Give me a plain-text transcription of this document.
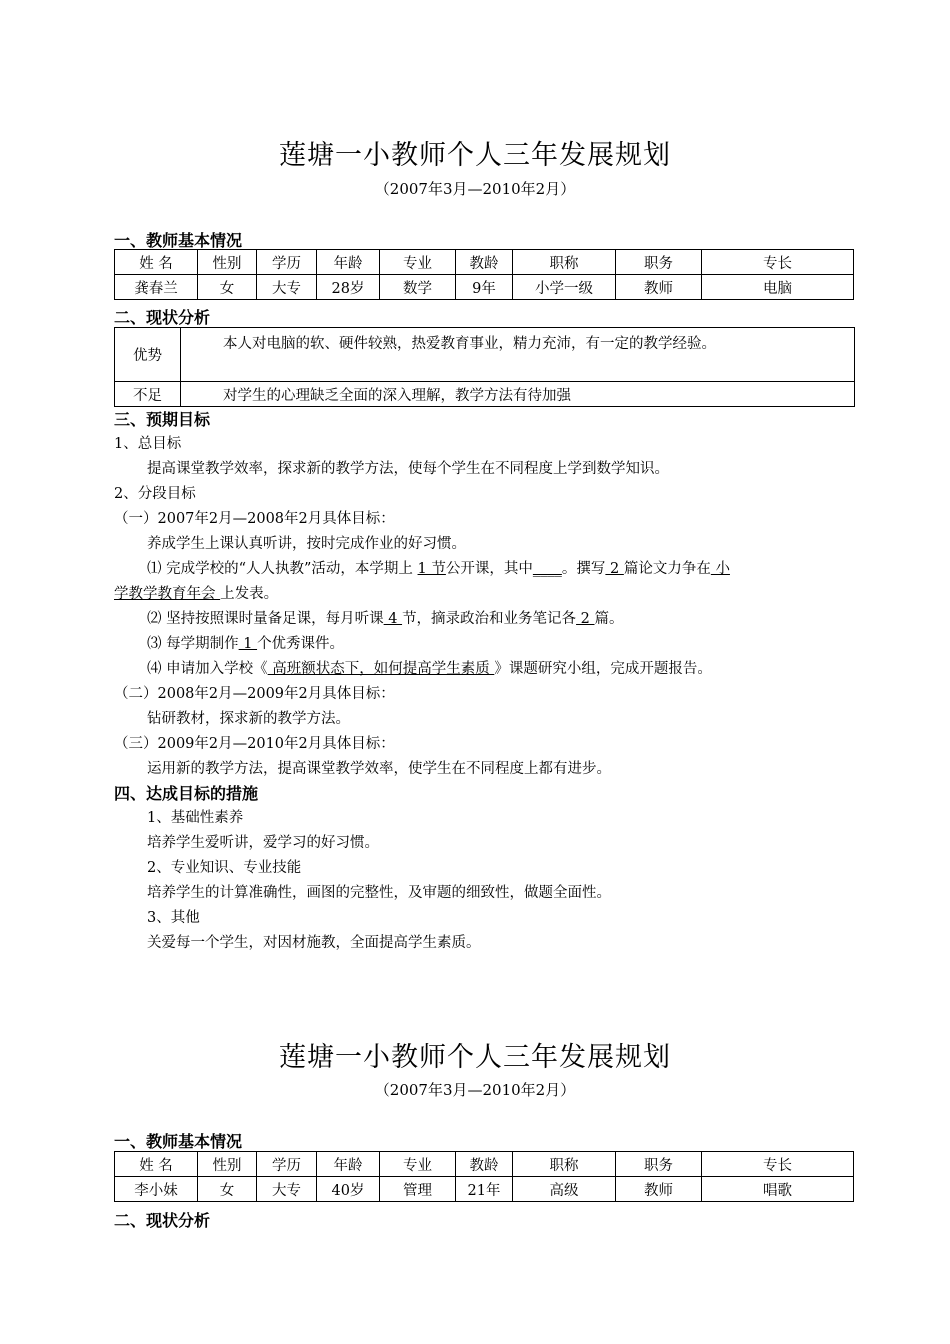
莲塘一小教师个人三年发展规划
（2007年3月—2010年2月）
一、教师基本情况
姓 名	性别	学历	年龄	专业	教龄	职称	职务	专长
龚春兰	女	大专	28岁	数学	9年	小学一级	教师	电脑
二、现状分析
优势	本人对电脑的软、硬件较熟，热爱教育事业，精力充沛，有一定的教学经验。
不足	对学生的心理缺乏全面的深入理解，教学方法有待加强
三、预期目标
1、总目标
提高课堂教学效率，探求新的教学方法，使每个学生在不同程度上学到数学知识。
2、分段目标
（一）2007年2月—2008年2月具体目标：
养成学生上课认真听讲，按时完成作业的好习惯。
⑴ 完成学校的“人人执教”活动，本学期上 1 节公开课，其中____。撰写 2 篇论文力争在 小
学教学教育年会 上发表。
⑵ 坚持按照课时量备足课，每月听课 4 节，摘录政治和业务笔记各 2 篇。
⑶ 每学期制作 1 个优秀课件。
⑷ 申请加入学校《 高班额状态下，如何提高学生素质 》课题研究小组，完成开题报告。
（二）2008年2月—2009年2月具体目标：
钻研教材，探求新的教学方法。
（三）2009年2月—2010年2月具体目标：
运用新的教学方法，提高课堂教学效率，使学生在不同程度上都有进步。
四、达成目标的措施
1、基础性素养
培养学生爱听讲，爱学习的好习惯。
2、专业知识、专业技能
培养学生的计算准确性，画图的完整性，及审题的细致性，做题全面性。
3、其他
关爱每一个学生，对因材施教，全面提高学生素质。
莲塘一小教师个人三年发展规划
（2007年3月—2010年2月）
一、教师基本情况
姓 名	性别	学历	年龄	专业	教龄	职称	职务	专长
李小妹	女	大专	40岁	管理	21年	高级	教师	唱歌
二、现状分析
